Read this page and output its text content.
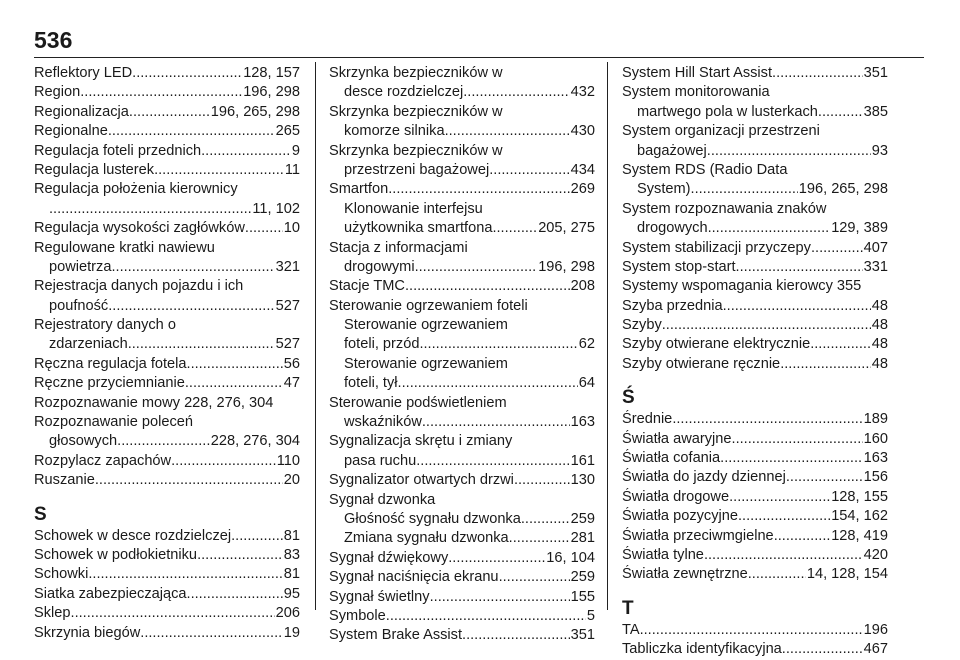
536
Reflektory LED .....	128, 157
Region .....	196, 298
Regionalizacja .....	196, 265, 298
Regionalne .....	265
Regulacja foteli przednich .....	9
Regulacja lusterek .....	11
Regulacja położenia kierownicy
.....
11, 102
Regulacja wysokości zagłówków .....	10
Regulowane kratki nawiewu
powietrza .....	321
Rejestracja danych pojazdu i ich
poufność .....	527
Rejestratory danych o
zdarzeniach .....	527
Ręczna regulacja fotela .....	56
Ręczne przyciemnianie .....	47
Rozpoznawanie mowy 228, 276, 304
Rozpoznawanie poleceń
głosowych .....	228, 276, 304
Rozpylacz zapachów .....	110
Ruszanie .....	20
S
Schowek w desce rozdzielczej .....	81
Schowek w podłokietniku .....	83
Schowki .....	81
Siatka zabezpieczająca .....	95
Sklep .....	206
Skrzynia biegów .....	19
Skrzynka bezpieczników w
desce rozdzielczej .....	432
Skrzynka bezpieczników w
komorze silnika .....	430
Skrzynka bezpieczników w
przestrzeni bagażowej .....	434
Smartfon .....	269
Klonowanie interfejsu
użytkownika smartfona .....	205, 275
Stacja z informacjami
drogowymi .....	196, 298
Stacje TMC .....	208
Sterowanie ogrzewaniem foteli
Sterowanie ogrzewaniem
foteli, przód .....	62
Sterowanie ogrzewaniem
foteli, tył .....	64
Sterowanie podświetleniem
wskaźników .....	163
Sygnalizacja skrętu i zmiany
pasa ruchu .....	161
Sygnalizator otwartych drzwi .....	130
Sygnał dzwonka
Głośność sygnału dzwonka .....	259
Zmiana sygnału dzwonka .....	281
Sygnał dźwiękowy .....	16, 104
Sygnał naciśnięcia ekranu .....	259
Sygnał świetlny .....	155
Symbole .....	5
System Brake Assist .....	351
System Hill Start Assist .....	351
System monitorowania
martwego pola w lusterkach .....	385
System organizacji przestrzeni
bagażowej .....	93
System RDS (Radio Data
System) .....	196, 265, 298
System rozpoznawania znaków
drogowych .....	129, 389
System stabilizacji przyczepy .....	407
System stop-start .....	331
Systemy wspomagania kierowcy 355
Szyba przednia .....	48
Szyby .....	48
Szyby otwierane elektrycznie .....	48
Szyby otwierane ręcznie .....	48
Ś
Średnie .....	189
Światła awaryjne .....	160
Światła cofania .....	163
Światła do jazdy dziennej .....	156
Światła drogowe .....	128, 155
Światła pozycyjne .....	154, 162
Światła przeciwmgielne .....	128, 419
Światła tylne .....	420
Światła zewnętrzne .....	14, 128, 154
T
TA .....	196
Tabliczka identyfikacyjna .....	467
